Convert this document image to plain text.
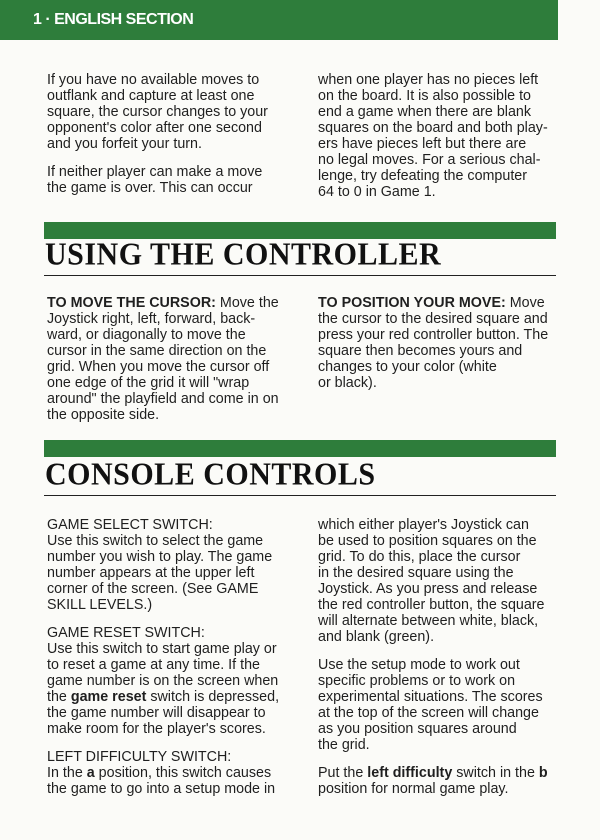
1 · ENGLISH SECTION

If you have no available moves to
outflank and capture at least one
square, the cursor changes to your
opponent's color after one second
and you forfeit your turn.

If neither player can make a move
the game is over. This can occur

when one player has no pieces left
on the board. It is also possible to
end a game when there are blank
squares on the board and both play-
ers have pieces left but there are
no legal moves. For a serious chal-
lenge, try defeating the computer
64 to 0 in Game 1.

USING THE CONTROLLER

TO MOVE THE CURSOR: Move the
Joystick right, left, forward, back-
ward, or diagonally to move the
cursor in the same direction on the
grid. When you move the cursor off
one edge of the grid it will "wrap
around" the playfield and come in on
the opposite side.

TO POSITION YOUR MOVE: Move
the cursor to the desired square and
press your red controller button. The
square then becomes yours and
changes to your color (white
or black).

CONSOLE CONTROLS

GAME SELECT SWITCH:
Use this switch to select the game
number you wish to play. The game
number appears at the upper left
corner of the screen. (See GAME
SKILL LEVELS.)

GAME RESET SWITCH:
Use this switch to start game play or
to reset a game at any time. If the
game number is on the screen when
the game reset switch is depressed,
the game number will disappear to
make room for the player's scores.

LEFT DIFFICULTY SWITCH:
In the a position, this switch causes
the game to go into a setup mode in

which either player's Joystick can
be used to position squares on the
grid. To do this, place the cursor
in the desired square using the
Joystick. As you press and release
the red controller button, the square
will alternate between white, black,
and blank (green).

Use the setup mode to work out
specific problems or to work on
experimental situations. The scores
at the top of the screen will change
as you position squares around
the grid.

Put the left difficulty switch in the b
position for normal game play.
